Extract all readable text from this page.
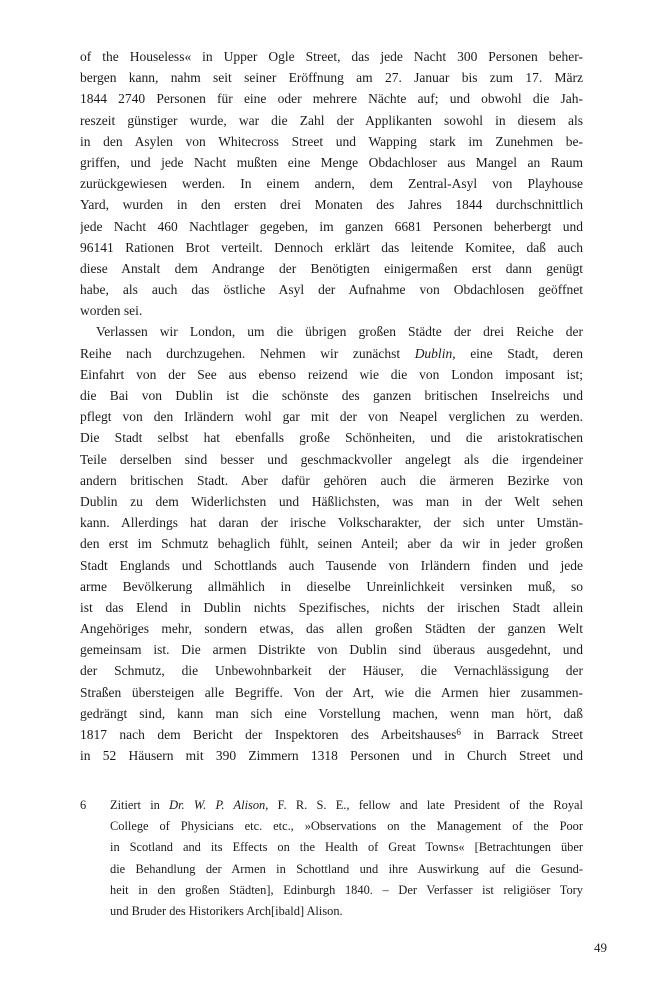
of the Houseless« in Upper Ogle Street, das jede Nacht 300 Personen beher-
bergen kann, nahm seit seiner Eröffnung am 27. Januar bis zum 17. März
1844 2740 Personen für eine oder mehrere Nächte auf; und obwohl die Jah-
reszeit günstiger wurde, war die Zahl der Applikanten sowohl in diesem als
in den Asylen von Whitecross Street und Wapping stark im Zunehmen be-
griffen, und jede Nacht mußten eine Menge Obdachloser aus Mangel an Raum
zurückgewiesen werden. In einem andern, dem Zentral-Asyl von Playhouse
Yard, wurden in den ersten drei Monaten des Jahres 1844 durchschnittlich
jede Nacht 460 Nachtlager gegeben, im ganzen 6681 Personen beherbergt und
96141 Rationen Brot verteilt. Dennoch erklärt das leitende Komitee, daß auch
diese Anstalt dem Andrange der Benötigten einigermaßen erst dann genügt
habe, als auch das östliche Asyl der Aufnahme von Obdachlosen geöffnet
worden sei.
Verlassen wir London, um die übrigen großen Städte der drei Reiche der
Reihe nach durchzugehen. Nehmen wir zunächst Dublin, eine Stadt, deren
Einfahrt von der See aus ebenso reizend wie die von London imposant ist;
die Bai von Dublin ist die schönste des ganzen britischen Inselreichs und
pflegt von den Irländern wohl gar mit der von Neapel verglichen zu werden.
Die Stadt selbst hat ebenfalls große Schönheiten, und die aristokratischen
Teile derselben sind besser und geschmackvoller angelegt als die irgendeiner
andern britischen Stadt. Aber dafür gehören auch die ärmeren Bezirke von
Dublin zu dem Widerlichsten und Häßlichsten, was man in der Welt sehen
kann. Allerdings hat daran der irische Volkscharakter, der sich unter Umstän-
den erst im Schmutz behaglich fühlt, seinen Anteil; aber da wir in jeder großen
Stadt Englands und Schottlands auch Tausende von Irländern finden und jede
arme Bevölkerung allmählich in dieselbe Unreinlichkeit versinken muß, so
ist das Elend in Dublin nichts Spezifisches, nichts der irischen Stadt allein
Angehöriges mehr, sondern etwas, das allen großen Städten der ganzen Welt
gemeinsam ist. Die armen Distrikte von Dublin sind überaus ausgedehnt, und
der Schmutz, die Unbewohnbarkeit der Häuser, die Vernachlässigung der
Straßen übersteigen alle Begriffe. Von der Art, wie die Armen hier zusammen-
gedrängt sind, kann man sich eine Vorstellung machen, wenn man hört, daß
1817 nach dem Bericht der Inspektoren des Arbeitshauses$^6$ in Barrack Street
in 52 Häusern mit 390 Zimmern 1318 Personen und in Church Street und
6	Zitiert in Dr. W. P. Alison, F. R. S. E., fellow and late President of the Royal
College of Physicians etc. etc., »Observations on the Management of the Poor
in Scotland and its Effects on the Health of Great Towns« [Betrachtungen über
die Behandlung der Armen in Schottland und ihre Auswirkung auf die Gesund-
heit in den großen Städten], Edinburgh 1840. – Der Verfasser ist religiöser Tory
und Bruder des Historikers Arch[ibald] Alison.
49
